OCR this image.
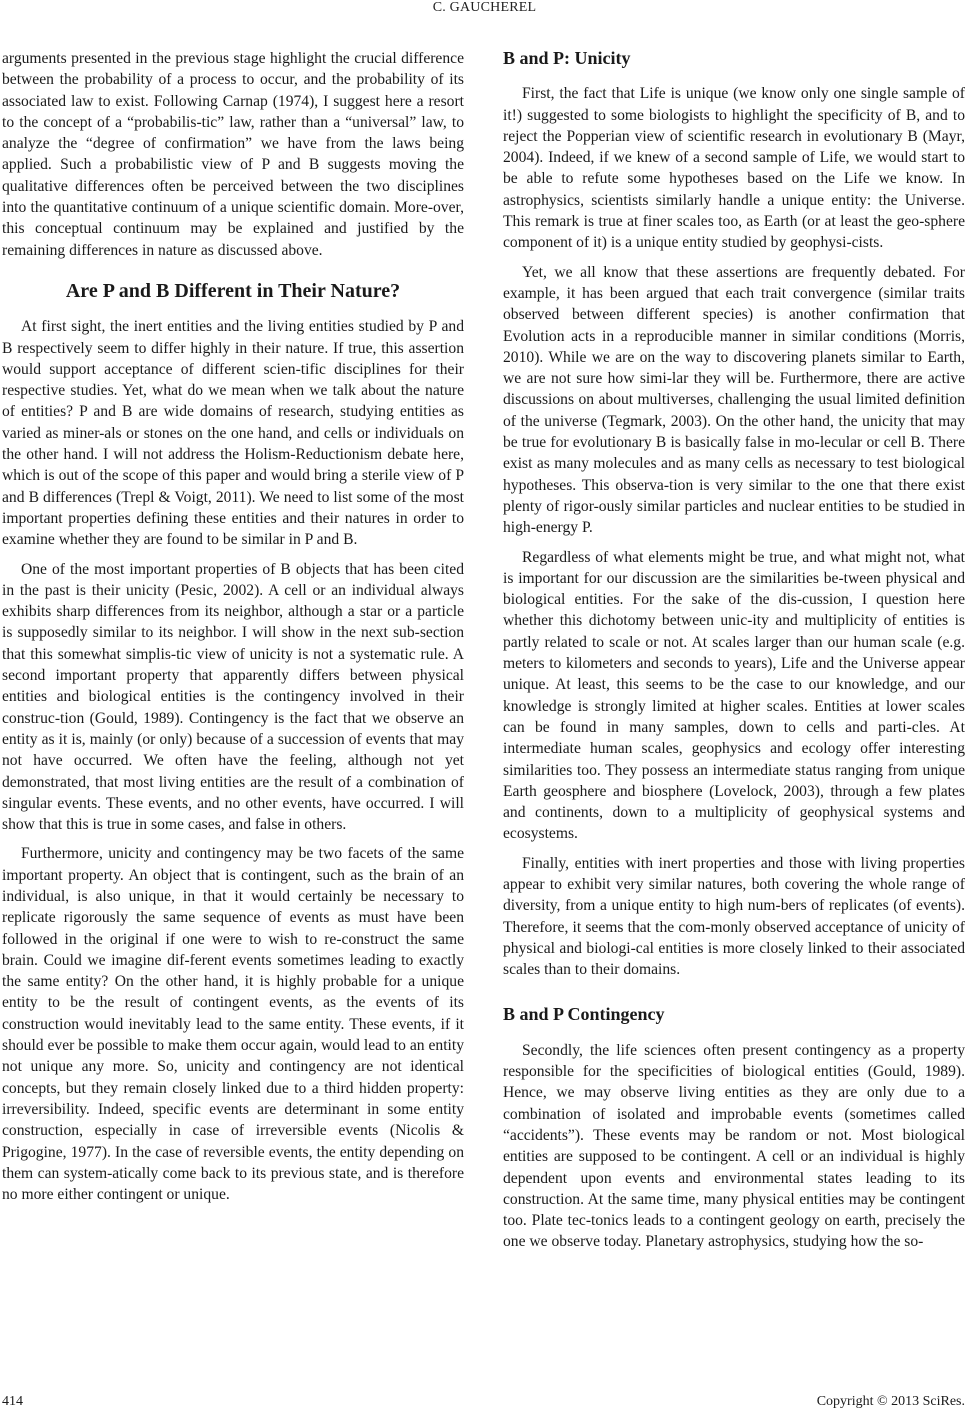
C. GAUCHEREL

arguments presented in the previous stage highlight the crucial difference between the probability of a process to occur, and the probability of its associated law to exist. Following Carnap (1974), I suggest here a resort to the concept of a “probabilis-tic” law, rather than a “universal” law, to analyze the “degree of confirmation” we have from the laws being applied. Such a probabilistic view of P and B suggests moving the qualitative differences often be perceived between the two disciplines into the quantitative continuum of a unique scientific domain. More-over, this conceptual continuum may be explained and justified by the remaining differences in nature as discussed above.

Are P and B Different in Their Nature?

At first sight, the inert entities and the living entities studied by P and B respectively seem to differ highly in their nature. If true, this assertion would support acceptance of different scien-tific disciplines for their respective studies. Yet, what do we mean when we talk about the nature of entities? P and B are wide domains of research, studying entities as varied as miner-als or stones on the one hand, and cells or individuals on the other hand. I will not address the Holism-Reductionism debate here, which is out of the scope of this paper and would bring a sterile view of P and B differences (Trepl & Voigt, 2011). We need to list some of the most important properties defining these entities and their natures in order to examine whether they are found to be similar in P and B.

One of the most important properties of B objects that has been cited in the past is their unicity (Pesic, 2002). A cell or an individual always exhibits sharp differences from its neighbor, although a star or a particle is supposedly similar to its neighbor. I will show in the next sub-section that this somewhat simplis-tic view of unicity is not a systematic rule. A second important property that apparently differs between physical entities and biological entities is the contingency involved in their construc-tion (Gould, 1989). Contingency is the fact that we observe an entity as it is, mainly (or only) because of a succession of events that may not have occurred. We often have the feeling, although not yet demonstrated, that most living entities are the result of a combination of singular events. These events, and no other events, have occurred. I will show that this is true in some cases, and false in others.

Furthermore, unicity and contingency may be two facets of the same important property. An object that is contingent, such as the brain of an individual, is also unique, in that it would certainly be necessary to replicate rigorously the same sequence of events as must have been followed in the original if one were to wish to re-construct the same brain. Could we imagine dif-ferent events sometimes leading to exactly the same entity? On the other hand, it is highly probable for a unique entity to be the result of contingent events, as the events of its construction would inevitably lead to the same entity. These events, if it should ever be possible to make them occur again, would lead to an entity not unique any more. So, unicity and contingency are not identical concepts, but they remain closely linked due to a third hidden property: irreversibility. Indeed, specific events are determinant in some entity construction, especially in case of irreversible events (Nicolis & Prigogine, 1977). In the case of reversible events, the entity depending on them can system-atically come back to its previous state, and is therefore no more either contingent or unique.

B and P: Unicity

First, the fact that Life is unique (we know only one single sample of it!) suggested to some biologists to highlight the specificity of B, and to reject the Popperian view of scientific research in evolutionary B (Mayr, 2004). Indeed, if we knew of a second sample of Life, we would start to be able to refute some hypotheses based on the Life we know. In astrophysics, scientists similarly handle a unique entity: the Universe. This remark is true at finer scales too, as Earth (or at least the geo-sphere component of it) is a unique entity studied by geophysi-cists.

Yet, we all know that these assertions are frequently debated. For example, it has been argued that each trait convergence (similar traits observed between different species) is another confirmation that Evolution acts in a reproducible manner in similar conditions (Morris, 2010). While we are on the way to discovering planets similar to Earth, we are not sure how simi-lar they will be. Furthermore, there are active discussions on about multiverses, challenging the usual limited definition of the universe (Tegmark, 2003). On the other hand, the unicity that may be true for evolutionary B is basically false in mo-lecular or cell B. There exist as many molecules and as many cells as necessary to test biological hypotheses. This observa-tion is very similar to the one that there exist plenty of rigor-ously similar particles and nuclear entities to be studied in high-energy P.

Regardless of what elements might be true, and what might not, what is important for our discussion are the similarities be-tween physical and biological entities. For the sake of the dis-cussion, I question here whether this dichotomy between unic-ity and multiplicity of entities is partly related to scale or not. At scales larger than our human scale (e.g. meters to kilometers and seconds to years), Life and the Universe appear unique. At least, this seems to be the case to our knowledge, and our knowledge is strongly limited at higher scales. Entities at lower scales can be found in many samples, down to cells and parti-cles. At intermediate human scales, geophysics and ecology offer interesting similarities too. They possess an intermediate status ranging from unique Earth geosphere and biosphere (Lovelock, 2003), through a few plates and continents, down to a multiplicity of geophysical systems and ecosystems.

Finally, entities with inert properties and those with living properties appear to exhibit very similar natures, both covering the whole range of diversity, from a unique entity to high num-bers of replicates (of events). Therefore, it seems that the com-monly observed acceptance of unicity of physical and biologi-cal entities is more closely linked to their associated scales than to their domains.

B and P Contingency

Secondly, the life sciences often present contingency as a property responsible for the specificities of biological entities (Gould, 1989). Hence, we may observe living entities as they are only due to a combination of isolated and improbable events (sometimes called “accidents”). These events may be random or not. Most biological entities are supposed to be contingent. A cell or an individual is highly dependent upon events and environmental states leading to its construction. At the same time, many physical entities may be contingent too. Plate tec-tonics leads to a contingent geology on earth, precisely the one we observe today. Planetary astrophysics, studying how the so-

414	Copyright © 2013 SciRes.
